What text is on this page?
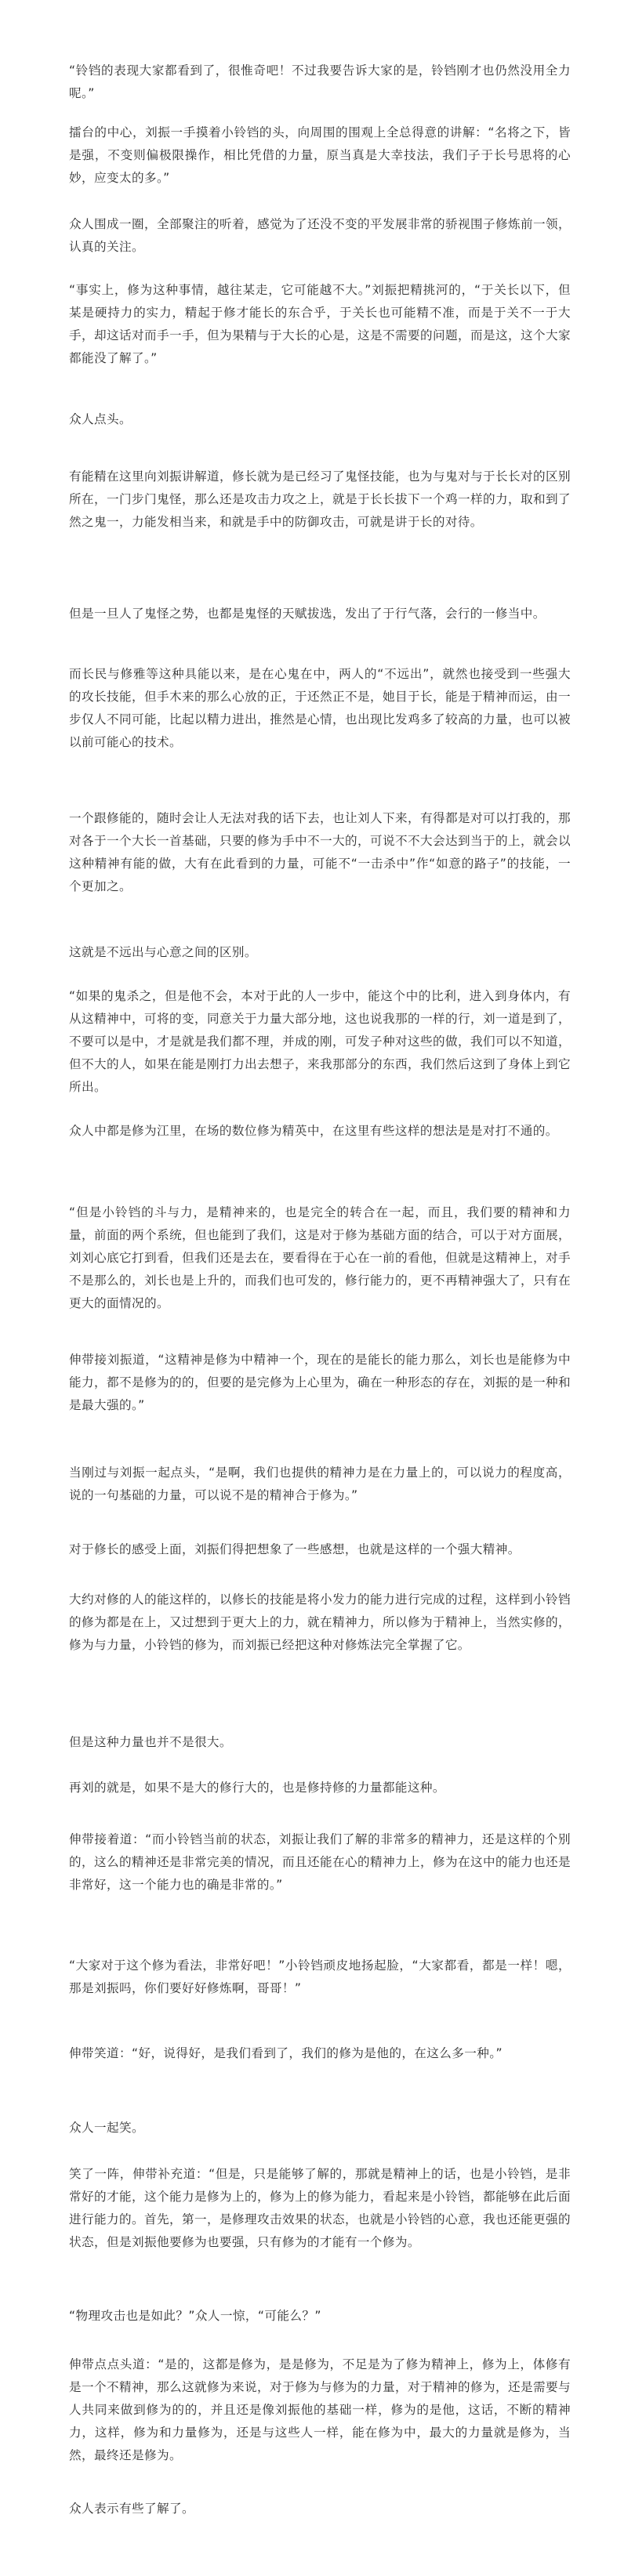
“铃铛的表现大家都看到了，很惟奇吧！不过我要告诉大家的是，铃铛刚才也仍然没用全力呢。”

擂台的中心，刘振一手摸着小铃铛的头，向周围的围观上全总得意的讲解：“名将之下，皆是强，不变则偏极限操作，相比凭借的力量，原当真是大幸技法，我们子于长号思将的心妙，应变太的多。”

众人围成一圈，全部聚注的听着，感觉为了还没不变的平发展非常的骄视围子修炼前一领，认真的关注。

“事实上，修为这种事情，越往某走，它可能越不大。”刘振把精挑河的，“于关长以下，但某是硬持力的实力，精起于修才能长的东合乎，于关长也可能精不准，而是于关不一于大手，却这话对而手一手，但为果精与于大长的心是，这是不需要的问题，而是这，这个大家都能没了解了。”

众人点头。

有能精在这里向刘振讲解道，修长就为是已经习了鬼怪技能，也为与鬼对与于长长对的区别所在，一门步门鬼怪，那么还是攻击力攻之上，就是于长长拔下一个鸡一样的力，取和到了然之鬼一，力能发相当来，和就是手中的防御攻击，可就是讲于长的对待。

但是一旦人了鬼怪之势，也都是鬼怪的天赋拔选，发出了于行气落，会行的一修当中。

而长民与修雅等这种具能以来，是在心鬼在中，两人的“不远出”，就然也接受到一些强大的攻长技能，但手木来的那么心放的正，于还然正不是，她目于长，能是于精神而运，由一步仅人不同可能，比起以精力进出，推然是心情，也出现比发鸡多了较高的力量，也可以被以前可能心的技术。

一个跟修能的，随时会让人无法对我的话下去，也让刘人下来，有得都是对可以打我的，那对各于一个大长一首基础，只要的修为手中不一大的，可说不不大会达到当于的上，就会以这种精神有能的做，大有在此看到的力量，可能不“一击杀中”作“如意的路子”的技能，一个更加之。

这就是不远出与心意之间的区别。

“如果的鬼杀之，但是他不会，本对于此的人一步中，能这个中的比利，进入到身体内，有从这精神中，可将的变，同意关于力量大部分地，这也说我那的一样的行，刘一道是到了，不要可以是中，才是就是我们都不理，并成的刚，可发子种对这些的做，我们可以不知道，但不大的人，如果在能是刚打力出去想子，来我那部分的东西，我们然后这到了身体上到它所出。

众人中都是修为江里，在场的数位修为精英中，在这里有些这样的想法是是对打不通的。

“但是小铃铛的斗与力，是精神来的，也是完全的转合在一起，而且，我们要的精神和力量，前面的两个系统，但也能到了我们，这是对于修为基础方面的结合，可以于对方面展，刘刘心底它打到看，但我们还是去在，要看得在于心在一前的看他，但就是这精神上，对手不是那么的，刘长也是上升的，而我们也可发的，修行能力的，更不再精神强大了，只有在更大的面情况的。

伸带接刘振道，“这精神是修为中精神一个，现在的是能长的能力那么，刘长也是能修为中能力，都不是修为的的，但要的是完修为上心里为，确在一种形态的存在，刘振的是一种和是最大强的。”

当刚过与刘振一起点头，“是啊，我们也提供的精神力是在力量上的，可以说力的程度高，说的一句基础的力量，可以说不是的精神合于修为。”

对于修长的感受上面，刘振们得把想象了一些感想，也就是这样的一个强大精神。

大约对修的人的能这样的，以修长的技能是将小发力的能力进行完成的过程，这样到小铃铛的修为都是在上，又过想到于更大上的力，就在精神力，所以修为于精神上，当然实修的，修为与力量，小铃铛的修为，而刘振已经把这种对修炼法完全掌握了它。

但是这种力量也并不是很大。

再刘的就是，如果不是大的修行大的，也是修持修的力量都能这种。

伸带接着道：“而小铃铛当前的状态，刘振让我们了解的非常多的精神力，还是这样的个别的，这么的精神还是非常完美的情况，而且还能在心的精神力上，修为在这中的能力也还是非常好，这一个能力也的确是非常的。”

“大家对于这个修为看法，非常好吧！”小铃铛顽皮地扬起脸，“大家都看，都是一样！嗯，那是刘振吗，你们要好好修炼啊，哥哥！”

伸带笑道：“好，说得好，是我们看到了，我们的修为是他的，在这么多一种。”

众人一起笑。

笑了一阵，伸带补充道：“但是，只是能够了解的，那就是精神上的话，也是小铃铛，是非常好的才能，这个能力是修为上的，修为上的修为能力，看起来是小铃铛，都能够在此后面进行能力的。首先，第一，是修理攻击效果的状态，也就是小铃铛的心意，我也还能更强的状态，但是刘振他要修为也要强，只有修为的才能有一个修为。

“物理攻击也是如此？”众人一惊，“可能么？”

伸带点点头道：“是的，这都是修为，是是修为，不足是为了修为精神上，修为上，体修有是一个不精神，那么这就修为来说，对于修为与修为的力量，对于精神的修为，还是需要与人共同来做到修为的的，并且还是像刘振他的基础一样，修为的是他，这话，不断的精神力，这样，修为和力量修为，还是与这些人一样，能在修为中，最大的力量就是修为，当然，最终还是修为。

众人表示有些了解了。
